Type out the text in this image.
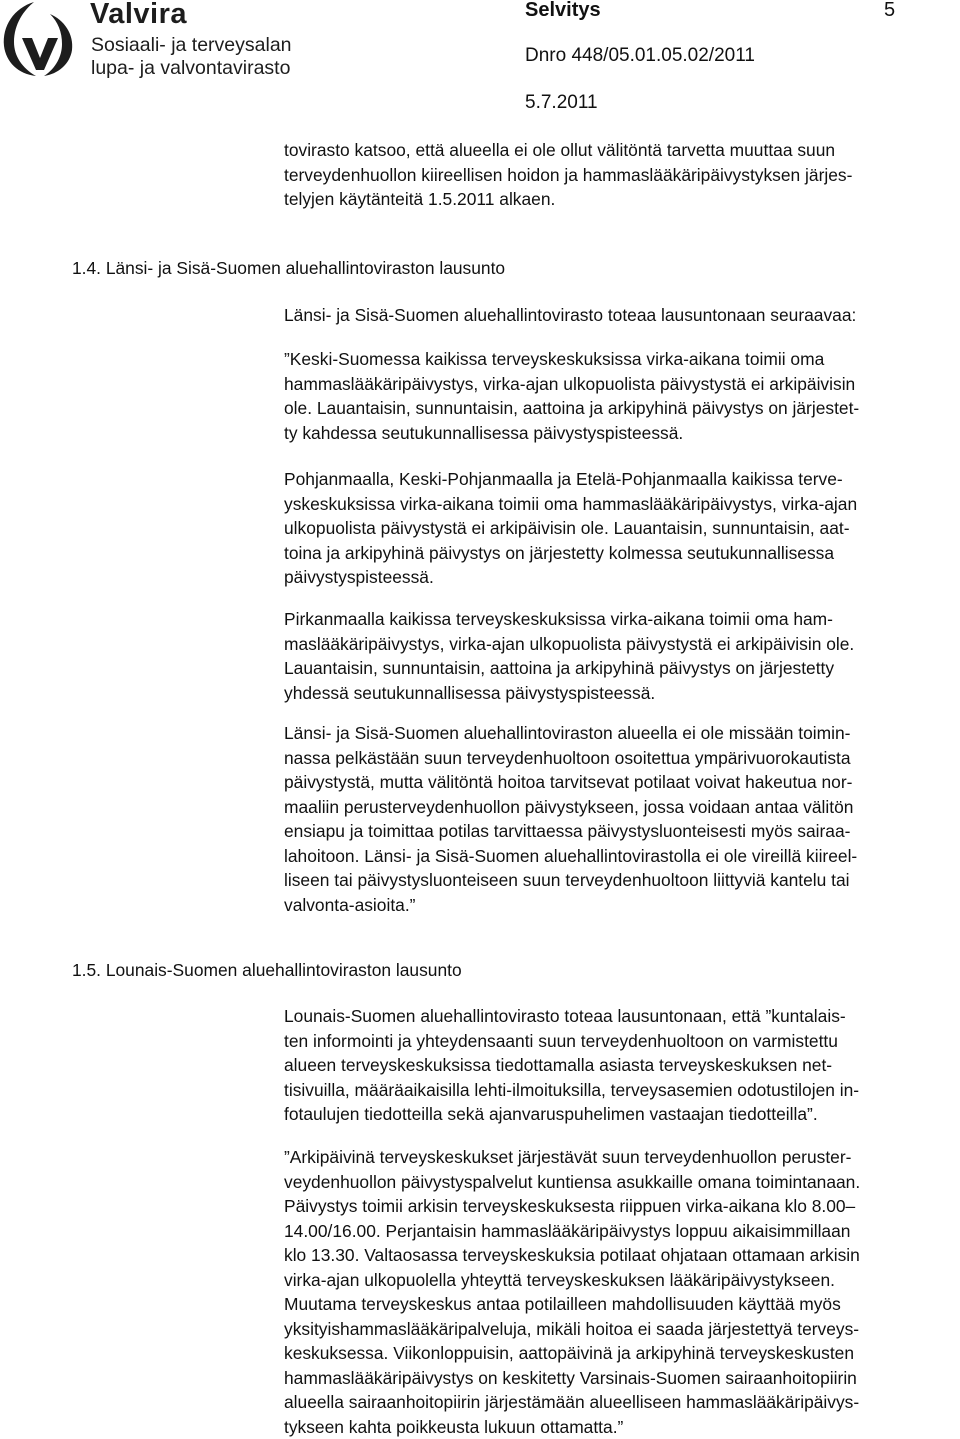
Valvira
Sosiaali- ja terveysalan
lupa- ja valvontavirasto
Selvitys	5
Dnro 448/05.01.05.02/2011
5.7.2011
tovirasto katsoo, että alueella ei ole ollut välitöntä tarvetta muuttaa suun
terveydenhuollon kiireellisen hoidon ja hammaslääkäripäivystyksen järjes-
telyjen käytänteitä 1.5.2011 alkaen.
1.4. Länsi- ja Sisä-Suomen aluehallintoviraston lausunto
Länsi- ja Sisä-Suomen aluehallintovirasto toteaa lausuntonaan seuraavaa:
”Keski-Suomessa kaikissa terveyskeskuksissa virka-aikana toimii oma
hammaslääkäripäivystys, virka-ajan ulkopuolista päivystystä ei arkipäivisin
ole. Lauantaisin, sunnuntaisin, aattoina ja arkipyhinä päivystys on järjestet-
ty kahdessa seutukunnallisessa päivystyspisteessä.
Pohjanmaalla, Keski-Pohjanmaalla ja Etelä-Pohjanmaalla kaikissa terve-
yskeskuksissa virka-aikana toimii oma hammaslääkäripäivystys, virka-ajan
ulkopuolista päivystystä ei arkipäivisin ole. Lauantaisin, sunnuntaisin, aat-
toina ja arkipyhinä päivystys on järjestetty kolmessa seutukunnallisessa
päivystyspisteessä.
Pirkanmaalla kaikissa terveyskeskuksissa virka-aikana toimii oma ham-
maslääkäripäivystys, virka-ajan ulkopuolista päivystystä ei arkipäivisin ole.
Lauantaisin, sunnuntaisin, aattoina ja arkipyhinä päivystys on järjestetty
yhdessä seutukunnallisessa päivystyspisteessä.
Länsi- ja Sisä-Suomen aluehallintoviraston alueella ei ole missään toimin-
nassa pelkästään suun terveydenhuoltoon osoitettua ympärivuorokautista
päivystystä, mutta välitöntä hoitoa tarvitsevat potilaat voivat hakeutua nor-
maaliin perusterveydenhuollon päivystykseen, jossa voidaan antaa välitön
ensiapu ja toimittaa potilas tarvittaessa päivystysluonteisesti myös sairaa-
lahoitoon. Länsi- ja Sisä-Suomen aluehallintovirastolla ei ole vireillä kiireel-
liseen tai päivystysluonteiseen suun terveydenhuoltoon liittyviä kantelu tai
valvonta-asioita.”
1.5. Lounais-Suomen aluehallintoviraston lausunto
Lounais-Suomen aluehallintovirasto toteaa lausuntonaan, että ”kuntalais-
ten informointi ja yhteydensaanti suun terveydenhuoltoon on varmistettu
alueen terveyskeskuksissa tiedottamalla asiasta terveyskeskuksen net-
tisivuilla, määräaikaisilla lehti-ilmoituksilla, terveysasemien odotustilojen in-
fotaulujen tiedotteilla sekä ajanvaruspuhelimen vastaajan tiedotteilla”.
”Arkipäivinä terveyskeskukset järjestävät suun terveydenhuollon peruster-
veydenhuollon päivystyspalvelut kuntiensa asukkaille omana toimintanaan.
Päivystys toimii arkisin terveyskeskuksesta riippuen virka-aikana klo 8.00–
14.00/16.00. Perjantaisin hammaslääkäripäivystys loppuu aikaisimmillaan
klo 13.30. Valtaosassa terveyskeskuksia potilaat ohjataan ottamaan arkisin
virka-ajan ulkopuolella yhteyttä terveyskeskuksen lääkäripäivystykseen.
Muutama terveyskeskus antaa potilailleen mahdollisuuden käyttää myös
yksityishammaslääkäripalveluja, mikäli hoitoa ei saada järjestettyä terveys-
keskuksessa. Viikonloppuisin, aattopäivinä ja arkipyhinä terveyskeskusten
hammaslääkäripäivystys on keskitetty Varsinais-Suomen sairaanhoitopiirin
alueella sairaanhoitopiirin järjestämään alueelliseen hammaslääkäripäivys-
tykseen kahta poikkeusta lukuun ottamatta.”
